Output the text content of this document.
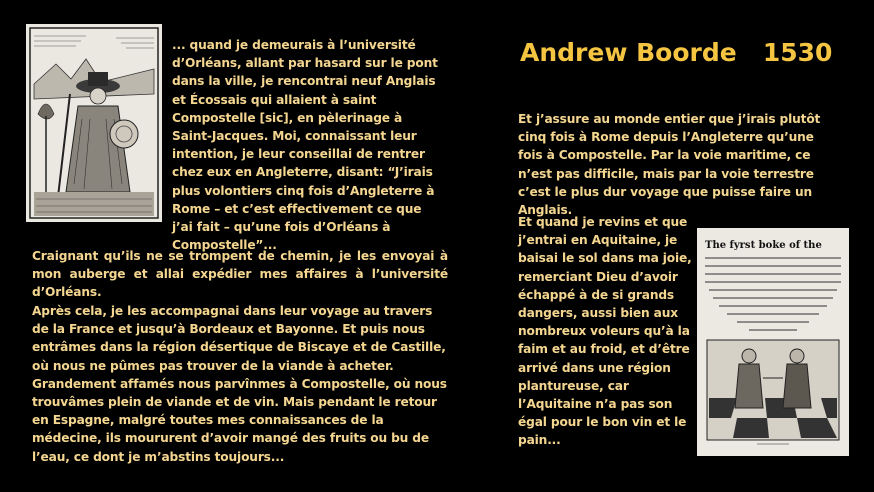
... quand je demeurais à l’université d’Orléans, allant par hasard sur le pont dans la ville, je rencontrai neuf Anglais et Écossais qui allaient à saint Compostelle [sic], en pèlerinage à Saint-Jacques. Moi, connaissant leur intention, je leur conseillai de rentrer chez eux en Angleterre, disant: “J’irais plus volontiers cinq fois d’Angleterre à Rome – et c’est effectivement ce que j’ai fait – qu’une fois d’Orléans à Compostelle”...
Craignant qu’ils ne se trompent de chemin, je les envoyai à mon auberge et allai expédier mes affaires à l’université d’Orléans.
Après cela, je les accompagnai dans leur voyage au travers de la France et jusqu’à Bordeaux et Bayonne. Et puis nous entrâmes dans la région désertique de Biscaye et de Castille, où nous ne pûmes pas trouver de la viande à acheter. Grandement affamés nous parvînmes à Compostelle, où nous trouvâmes plein de viande et de vin. Mais pendant le retour en Espagne, malgré toutes mes connaissances de la médecine, ils moururent d’avoir mangé des fruits ou bu de l’eau, ce dont je m’abstins toujours...
Andrew Boorde   1530
Et j’assure au monde entier que j’irais plutôt cinq fois à Rome depuis l’Angleterre qu’une fois à Compostelle. Par la voie maritime, ce n’est pas difficile, mais par la voie terrestre c’est le plus dur voyage que puisse faire un Anglais.
Et quand je revins et que j’entrai en Aquitaine, je baisai le sol dans ma joie, remerciant Dieu d’avoir échappé à de si grands dangers, aussi bien aux nombreux voleurs qu’à la faim et au froid, et d’être arrivé dans une région plantureuse, car l’Aquitaine n’a pas son égal pour le bon vin et le pain...
The fyrst boke of the
